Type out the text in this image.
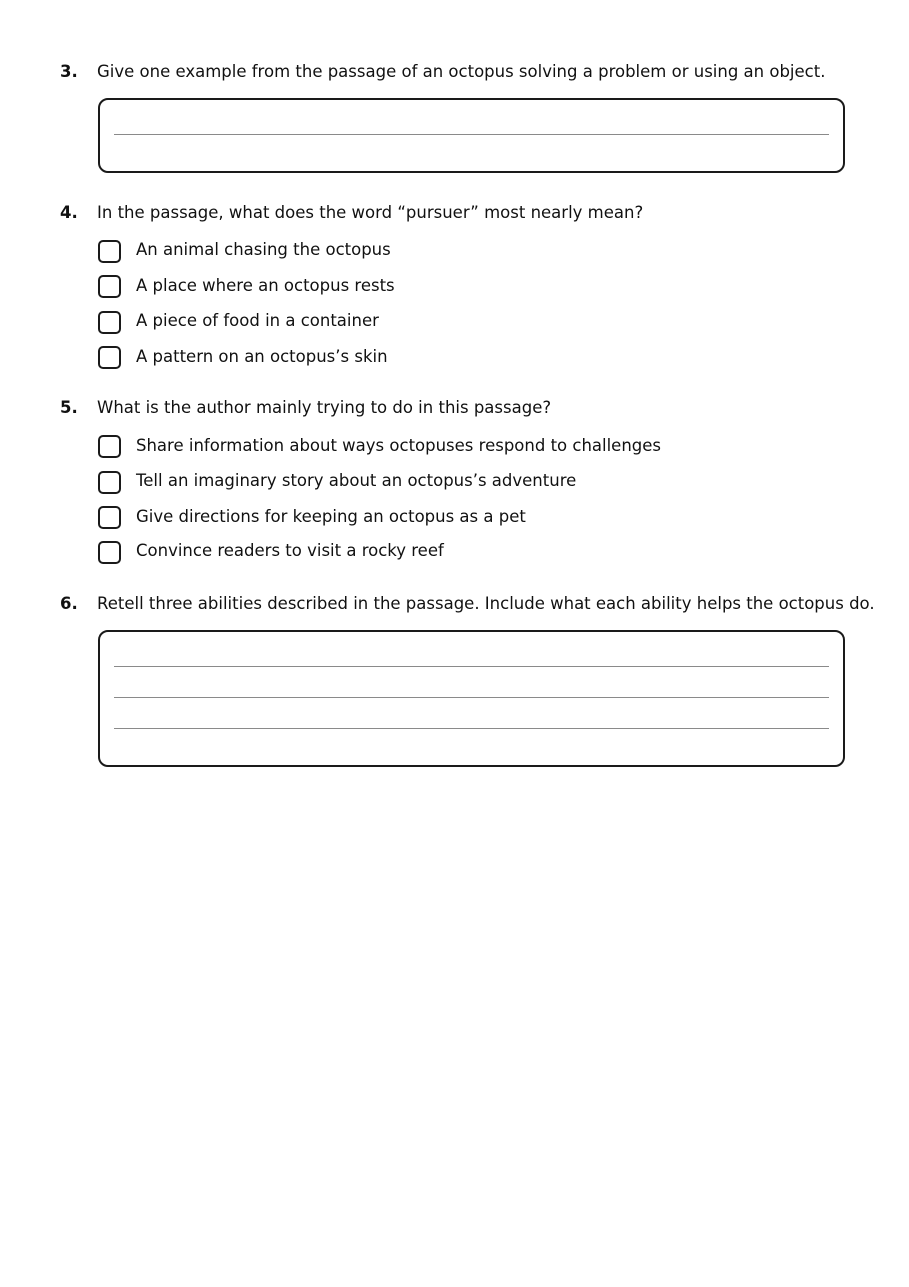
3. Give one example from the passage of an octopus solving a problem or using an object.
4. In the passage, what does the word “pursuer” most nearly mean?
An animal chasing the octopus
A place where an octopus rests
A piece of food in a container
A pattern on an octopus’s skin
5. What is the author mainly trying to do in this passage?
Share information about ways octopuses respond to challenges
Tell an imaginary story about an octopus’s adventure
Give directions for keeping an octopus as a pet
Convince readers to visit a rocky reef
6. Retell three abilities described in the passage. Include what each ability helps the octopus do.
